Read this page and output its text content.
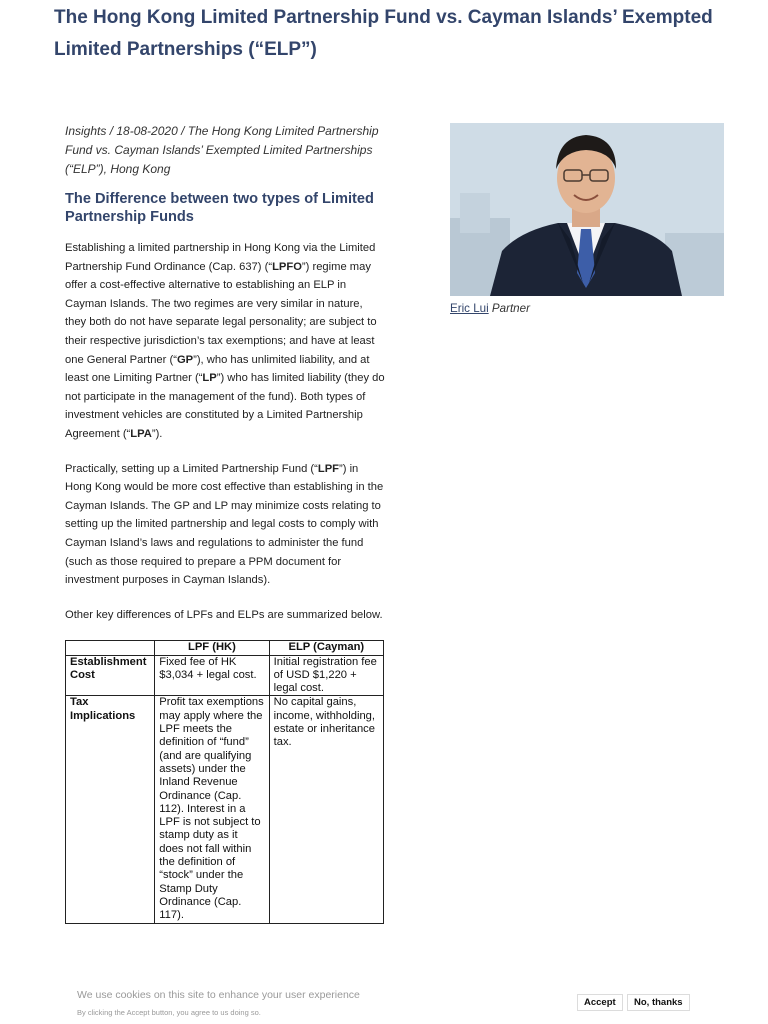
The Hong Kong Limited Partnership Fund vs. Cayman Islands’ Exempted Limited Partnerships (“ELP”)

Insights / 18-08-2020 / The Hong Kong Limited Partnership Fund vs. Cayman Islands’ Exempted Limited Partnerships (“ELP”), Hong Kong

The Difference between two types of Limited Partnership Funds

Establishing a limited partnership in Hong Kong via the Limited Partnership Fund Ordinance (Cap. 637) (“LPFO”) regime may offer a cost-effective alternative to establishing an ELP in Cayman Islands. The two regimes are very similar in nature, they both do not have separate legal personality; are subject to their respective jurisdiction’s tax exemptions; and have at least one General Partner (“GP”), who has unlimited liability, and at least one Limiting Partner (“LP”) who has limited liability (they do not participate in the management of the fund). Both types of investment vehicles are constituted by a Limited Partnership Agreement (“LPA”).

Practically, setting up a Limited Partnership Fund (“LPF”) in Hong Kong would be more cost effective than establishing in the Cayman Islands. The GP and LP may minimize costs relating to setting up the limited partnership and legal costs to comply with Cayman Island’s laws and regulations to administer the fund (such as those required to prepare a PPM document for investment purposes in Cayman Islands).

Other key differences of LPFs and ELPs are summarized below.

	LPF (HK)	ELP (Cayman)
Establishment Cost	Fixed fee of HK $3,034 + legal cost.	Initial registration fee of USD $1,220 + legal cost.
Tax Implications	Profit tax exemptions may apply where the LPF meets the definition of “fund” (and are qualifying assets) under the Inland Revenue Ordinance (Cap. 112). Interest in a LPF is not subject to stamp duty as it does not fall within the definition of “stock” under the Stamp Duty Ordinance (Cap. 117).	No capital gains, income, withholding, estate or inheritance tax.
Eric Lui Partner
We use cookies on this site to enhance your user experience
By clicking the Accept button, you agree to us doing so.
Accept	No, thanks
